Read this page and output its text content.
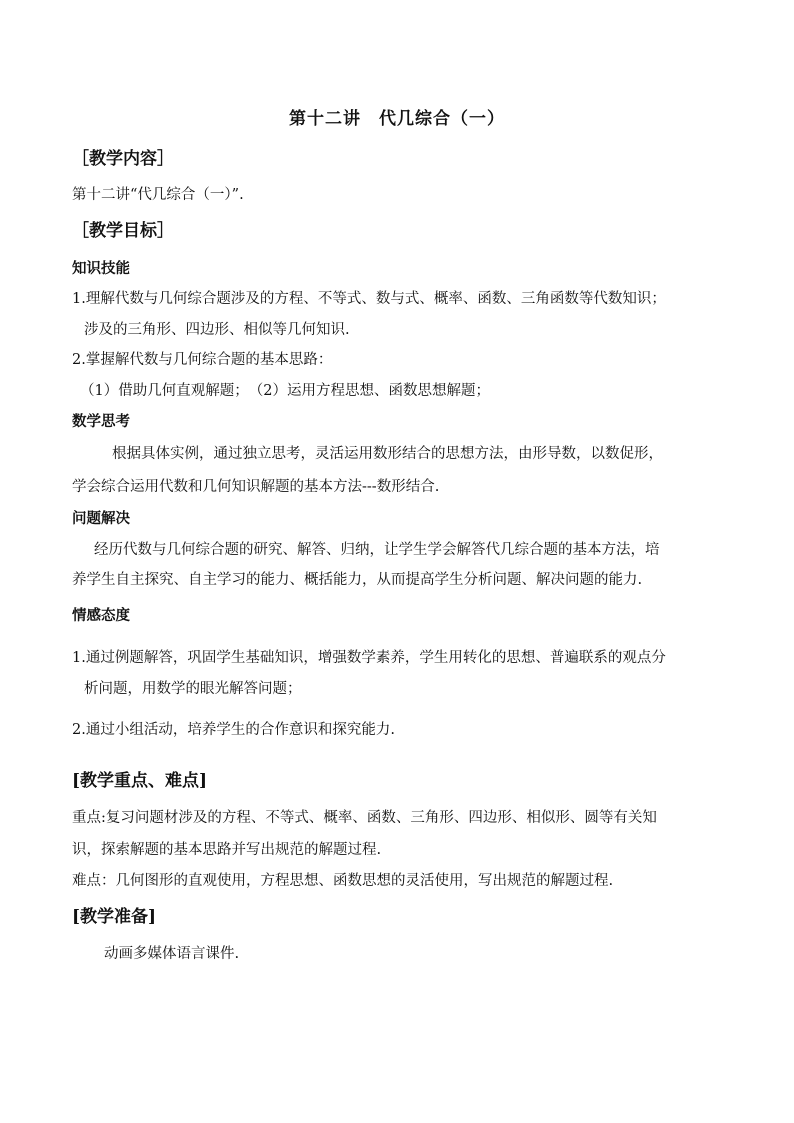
第十二讲　代几综合（一）
［教学内容］
第十二讲“代几综合（一）”.
［教学目标］
知识技能
1.理解代数与几何综合题涉及的方程、不等式、数与式、概率、函数、三角函数等代数知识；
涉及的三角形、四边形、相似等几何知识.
2.掌握解代数与几何综合题的基本思路：
（1）借助几何直观解题；　（2）运用方程思想、函数思想解题；
数学思考
根据具体实例，通过独立思考，灵活运用数形结合的思想方法，由形导数，以数促形，
学会综合运用代数和几何知识解题的基本方法---数形结合.
问题解决
经历代数与几何综合题的研究、解答、归纳，让学生学会解答代几综合题的基本方法，培
养学生自主探究、自主学习的能力、概括能力，从而提高学生分析问题、解决问题的能力.
情感态度
1.通过例题解答，巩固学生基础知识，增强数学素养，学生用转化的思想、普遍联系的观点分
析问题，用数学的眼光解答问题；
2.通过小组活动，培养学生的合作意识和探究能力.
[教学重点、难点]
重点:复习问题材涉及的方程、不等式、概率、函数、三角形、四边形、相似形、圆等有关知
识，探索解题的基本思路并写出规范的解题过程.
难点：几何图形的直观使用，方程思想、函数思想的灵活使用，写出规范的解题过程.
[教学准备]
动画多媒体语言课件.
